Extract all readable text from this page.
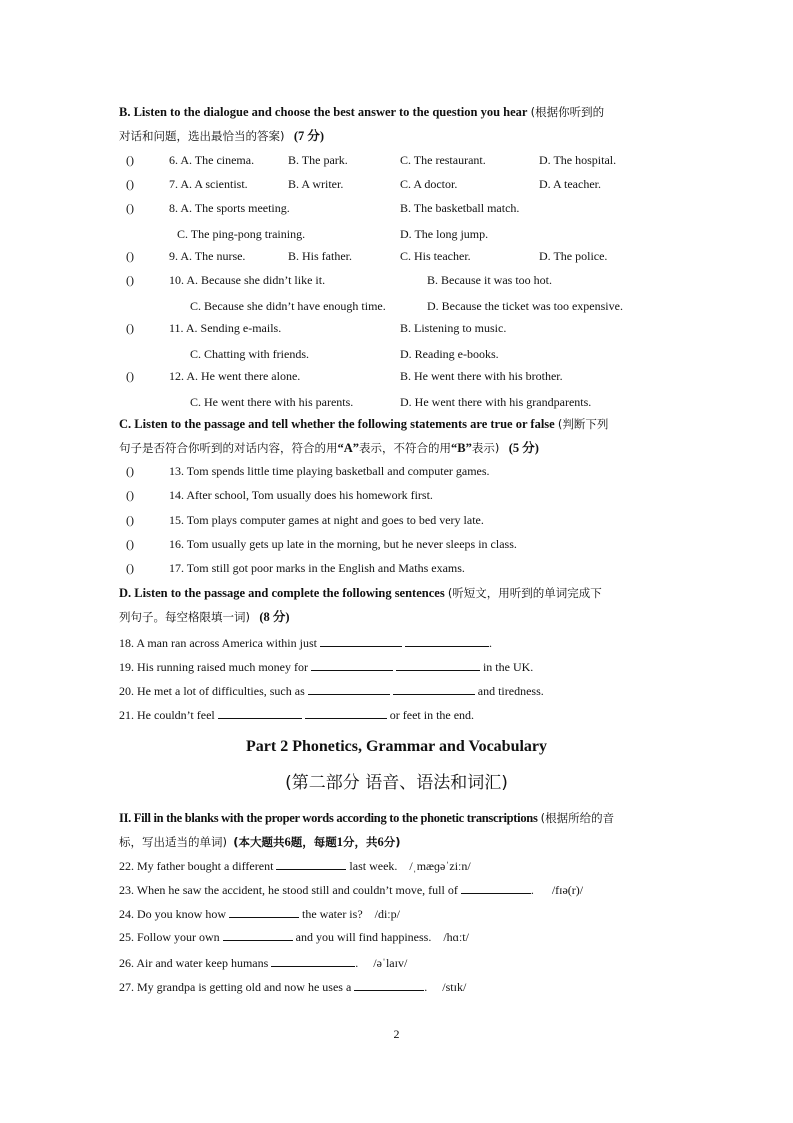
B. Listen to the dialogue and choose the best answer to the question you hear (根据你听到的
对话和问题，选出最恰当的答案) (7 分)
()	6. A. The cinema.	B. The park.	C. The restaurant.	D. The hospital.
()	7. A. A scientist.	B. A writer.	C. A doctor.	D. A teacher.
()	8. A. The sports meeting.	B. The basketball match.
C. The ping-pong training.	D. The long jump.
()	9. A. The nurse.	B. His father.	C. His teacher.	D. The police.
()	10. A. Because she didn’t like it.	B. Because it was too hot.
C. Because she didn’t have enough time.	D. Because the ticket was too expensive.
()	11. A. Sending e-mails.	B. Listening to music.
C. Chatting with friends.	D. Reading e-books.
()	12. A. He went there alone.	B. He went there with his brother.
C. He went there with his parents.	D. He went there with his grandparents.
C. Listen to the passage and tell whether the following statements are true or false (判断下列
句子是否符合你听到的对话内容，符合的用“A”表示，不符合的用“B”表示) (5 分)
()	13. Tom spends little time playing basketball and computer games.
()	14. After school, Tom usually does his homework first.
()	15. Tom plays computer games at night and goes to bed very late.
()	16. Tom usually gets up late in the morning, but he never sleeps in class.
()	17. Tom still got poor marks in the English and Maths exams.
D. Listen to the passage and complete the following sentences (听短文，用听到的单词完成下
列句子。每空格限填一词) (8 分)
18. A man ran across America within just	.
19. His running raised much money for	in the UK.
20. He met a lot of difficulties, such as	and tiredness.
21. He couldn’t feel	or feet in the end.
Part 2 Phonetics, Grammar and Vocabulary
(第二部分 语音、语法和词汇)
II. Fill in the blanks with the proper words according to the phonetic transcriptions (根据所给的音
标，写出适当的单词) (本大题共6题，每题1分，共6分)
22. My father bought a different	last week. /ˌmæɡəˈziːn/
23. When he saw the accident, he stood still and couldn’t move, full of	. /fɪə(r)/
24. Do you know how	the water is? /diːp/
25. Follow your own	and you will find happiness. /hɑːt/
26. Air and water keep humans	. /əˈlaɪv/
27. My grandpa is getting old and now he uses a	. /stɪk/
2
